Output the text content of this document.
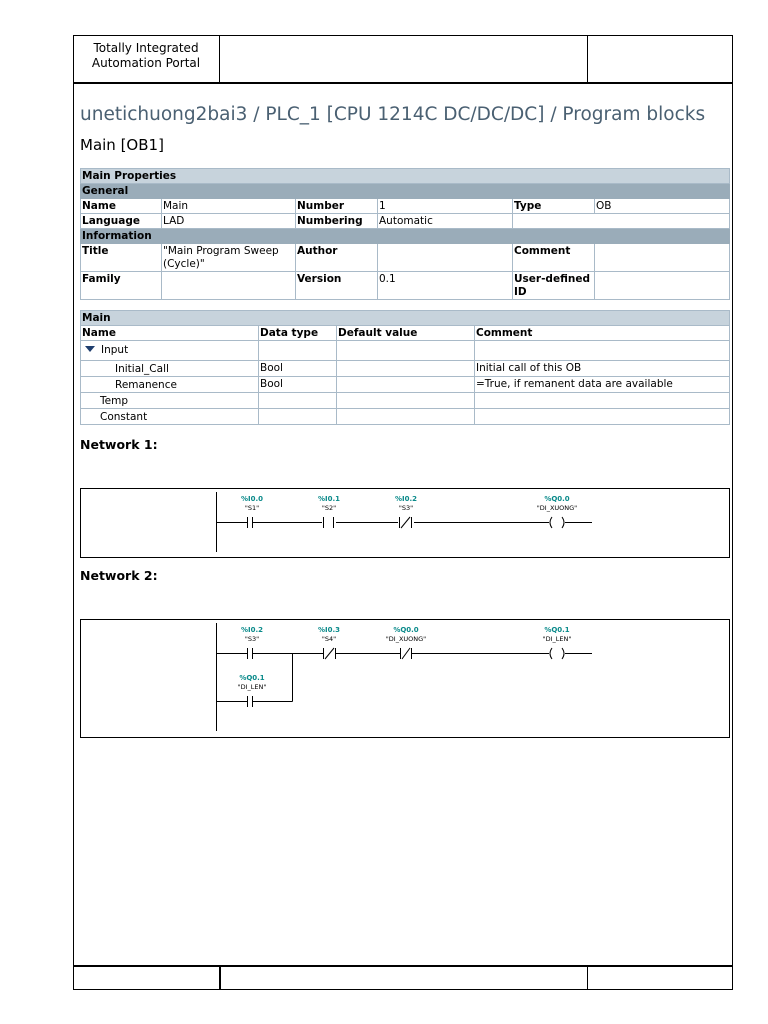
Totally Integrated
Automation Portal
unetichuong2bai3 / PLC_1 [CPU 1214C DC/DC/DC] / Program blocks
Main [OB1]
Main Properties					
General					
Name	Main	Number	1	Type	OB
Language	LAD	Numbering	Automatic		
Information					
Title	"Main Program Sweep (Cycle)"	Author		Comment	
Family		Version	0.1	User-defined ID	
Main			
Name	Data type	Default value	Comment
Input			
Initial_Call	Bool		Initial call of this OB
Remanence	Bool		=True, if remanent data are available
Temp			
Constant			
Network 1:
%I0.0
"S1"
%I0.1
"S2"
%I0.2
"S3"
%Q0.0
"DI_XUONG"
Network 2:
%I0.2
"S3"
%I0.3
"S4"
%Q0.0
"DI_XUONG"
%Q0.1
"DI_LEN"
%Q0.1
"DI_LEN"
